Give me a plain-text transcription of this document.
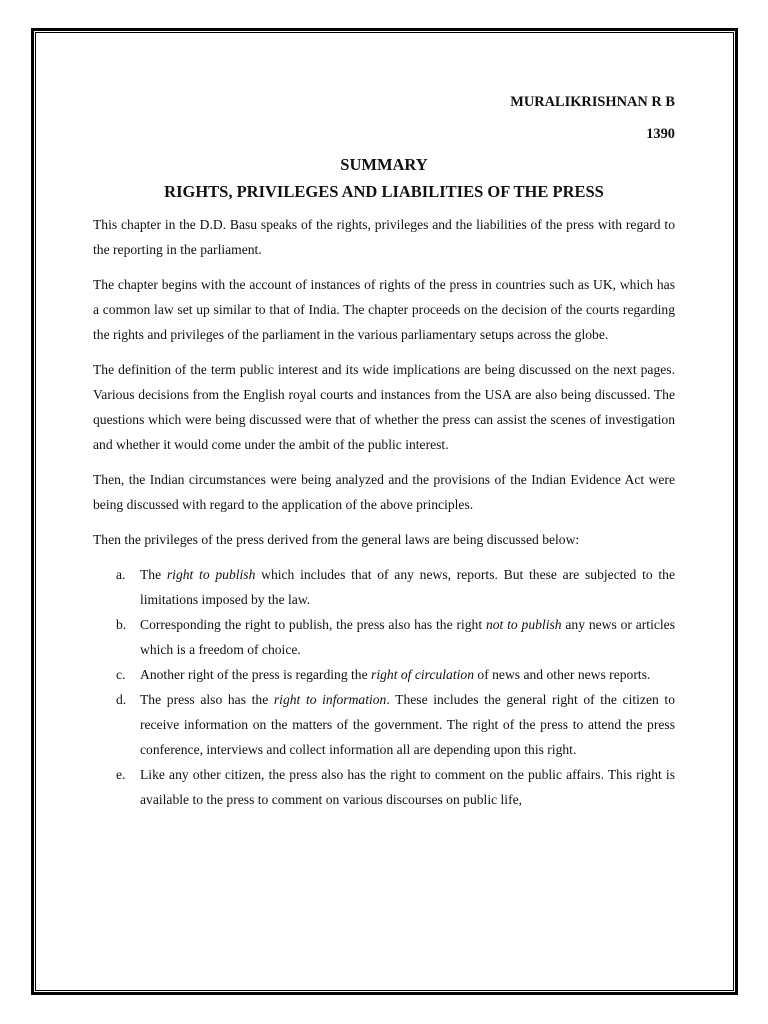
MURALIKRISHNAN R B
1390
SUMMARY
RIGHTS, PRIVILEGES AND LIABILITIES OF THE PRESS

This chapter in the D.D. Basu speaks of the rights, privileges and the liabilities of the press with regard to the reporting in the parliament.

The chapter begins with the account of instances of rights of the press in countries such as UK, which has a common law set up similar to that of India. The chapter proceeds on the decision of the courts regarding the rights and privileges of the parliament in the various parliamentary setups across the globe.

The definition of the term public interest and its wide implications are being discussed on the next pages. Various decisions from the English royal courts and instances from the USA are also being discussed. The questions which were being discussed were that of whether the press can assist the scenes of investigation and whether it would come under the ambit of the public interest.

Then, the Indian circumstances were being analyzed and the provisions of the Indian Evidence Act were being discussed with regard to the application of the above principles.

Then the privileges of the press derived from the general laws are being discussed below:

a.	The right to publish which includes that of any news, reports. But these are subjected to the limitations imposed by the law.
b.	Corresponding the right to publish, the press also has the right not to publish any news or articles which is a freedom of choice.
c.	Another right of the press is regarding the right of circulation of news and other news reports.
d.	The press also has the right to information. These includes the general right of the citizen to receive information on the matters of the government. The right of the press to attend the press conference, interviews and collect information all are depending upon this right.
e.	Like any other citizen, the press also has the right to comment on the public affairs. This right is available to the press to comment on various discourses on public life,
